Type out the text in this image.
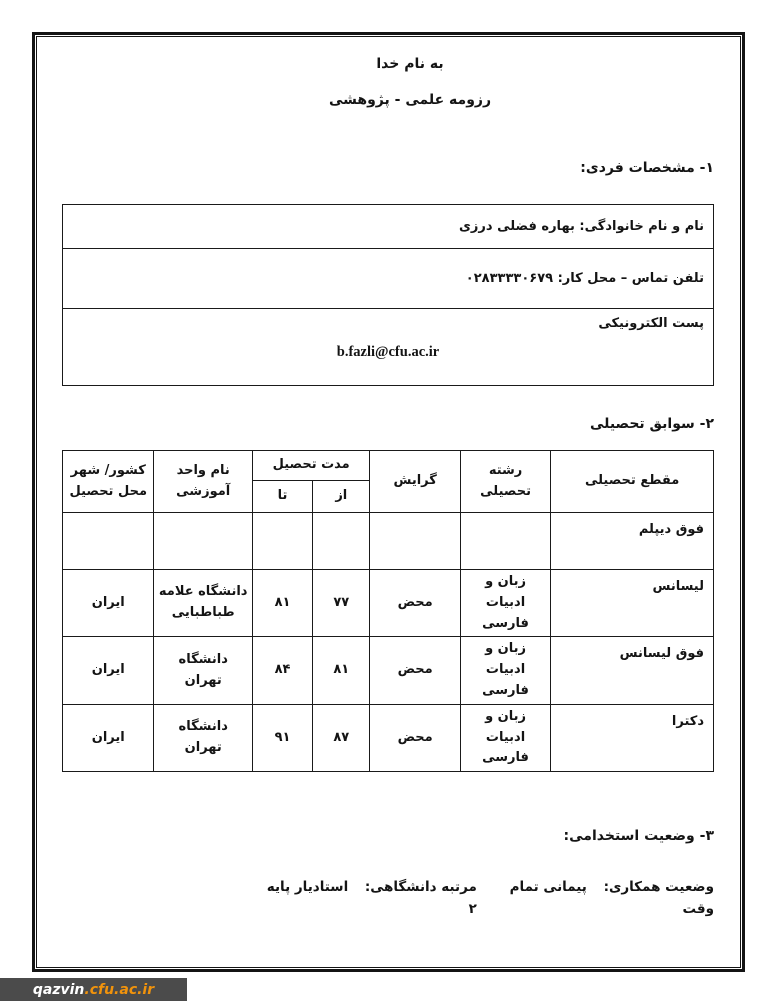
به نام خدا
رزومه علمی - پژوهشی
۱- مشخصات فردی:
نام و نام خانوادگی: بهاره فضلی درزی
تلفن تماس – محل کار: ۰۲۸۳۳۳۳۰۶۷۹

پست الکترونیکی
b.fazli@cfu.ac.ir
۲- سوابق تحصیلی
مقطع تحصیلی	رشته تحصیلی	گرایش	مدت تحصیل		نام واحد آموزشی	کشور/ شهر محل تحصیل
			از	تا		
فوق دیپلم						
لیسانس	زبان و ادبیات فارسی	محض	۷۷	۸۱	دانشگاه علامه طباطبایی	ایران
فوق لیسانس	زبان و ادبیات فارسی	محض	۸۱	۸۴	دانشگاه تهران	ایران
دکترا	زبان و ادبیات فارسی	محض	۸۷	۹۱	دانشگاه تهران	ایران
۳- وضعیت استخدامی:
وضعیت همکاری: پیمانی تمام وقت
مرتبه دانشگاهی: استادیار پایه ۲
qazvin .cfu.ac.ir
